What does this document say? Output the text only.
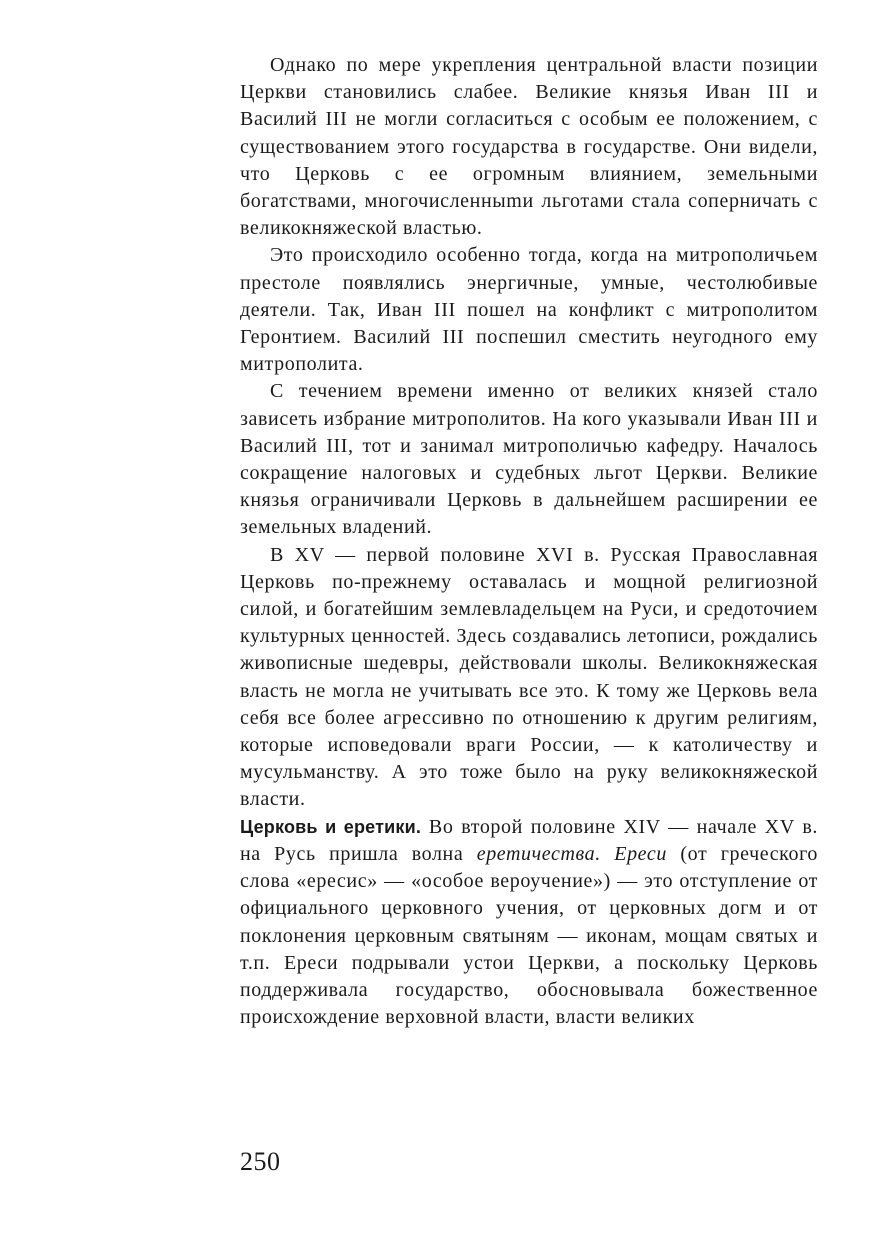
Однако по мере укрепления центральной власти позиции Церкви становились слабее. Великие князья Иван III и Василий III не могли согласиться с особым ее положением, с существованием этого государства в государстве. Они видели, что Церковь с ее огромным влиянием, земельными богатствами, многочисленныmи льготами стала соперничать с великокняжеской властью.

Это происходило особенно тогда, когда на митрополичьем престоле появлялись энергичные, умные, честолюбивые деятели. Так, Иван III пошел на конфликт с митрополитом Геронтием. Василий III поспешил сместить неугодного ему митрополита.

С течением времени именно от великих князей стало зависеть избрание митрополитов. На кого указывали Иван III и Василий III, тот и занимал митрополичью кафедру. Началось сокращение налоговых и судебных льгот Церкви. Великие князья ограничивали Церковь в дальнейшем расширении ее земельных владений.

В XV — первой половине XVI в. Русская Православная Церковь по-прежнему оставалась и мощной религиозной силой, и богатейшим землевладельцем на Руси, и средоточием культурных ценностей. Здесь создавались летописи, рождались живописные шедевры, действовали школы. Великокняжеская власть не могла не учитывать все это. К тому же Церковь вела себя все более агрессивно по отношению к другим религиям, которые исповедовали враги России, — к католичеству и мусульманству. А это тоже было на руку великокняжеской власти.

Церковь и еретики. Во второй половине XIV — начале XV в. на Русь пришла волна еретичества. Ереси (от греческого слова «ересис» — «особое вероучение») — это отступление от официального церковного учения, от церковных догм и от поклонения церковным святыням — иконам, мощам святых и т.п. Ереси подрывали устои Церкви, а поскольку Церковь поддерживала государство, обосновывала божественное происхождение верховной власти, власти великих

250
